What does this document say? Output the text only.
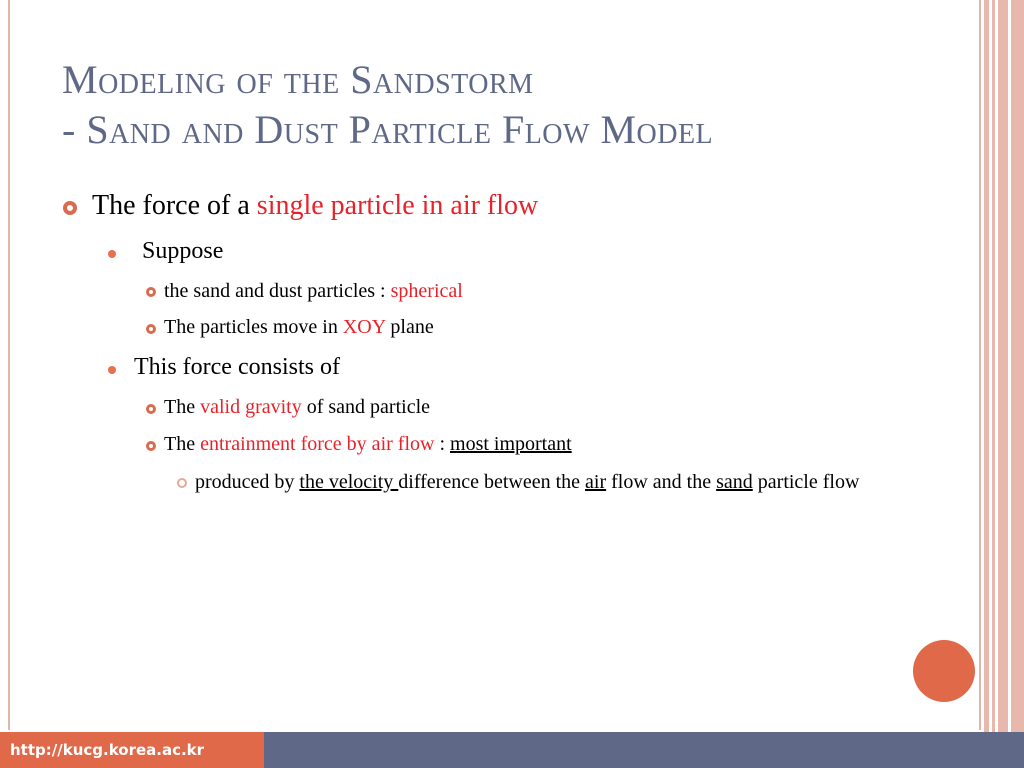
Modeling of the Sandstorm
- Sand and Dust Particle Flow Model
The force of a single particle in air flow
Suppose
the sand and dust particles : spherical
The particles move in XOY plane
This force consists of
The valid gravity of sand particle
The entrainment force by air flow : most important
produced by the velocity difference between the air flow and the sand particle flow
http://kucg.korea.ac.kr
